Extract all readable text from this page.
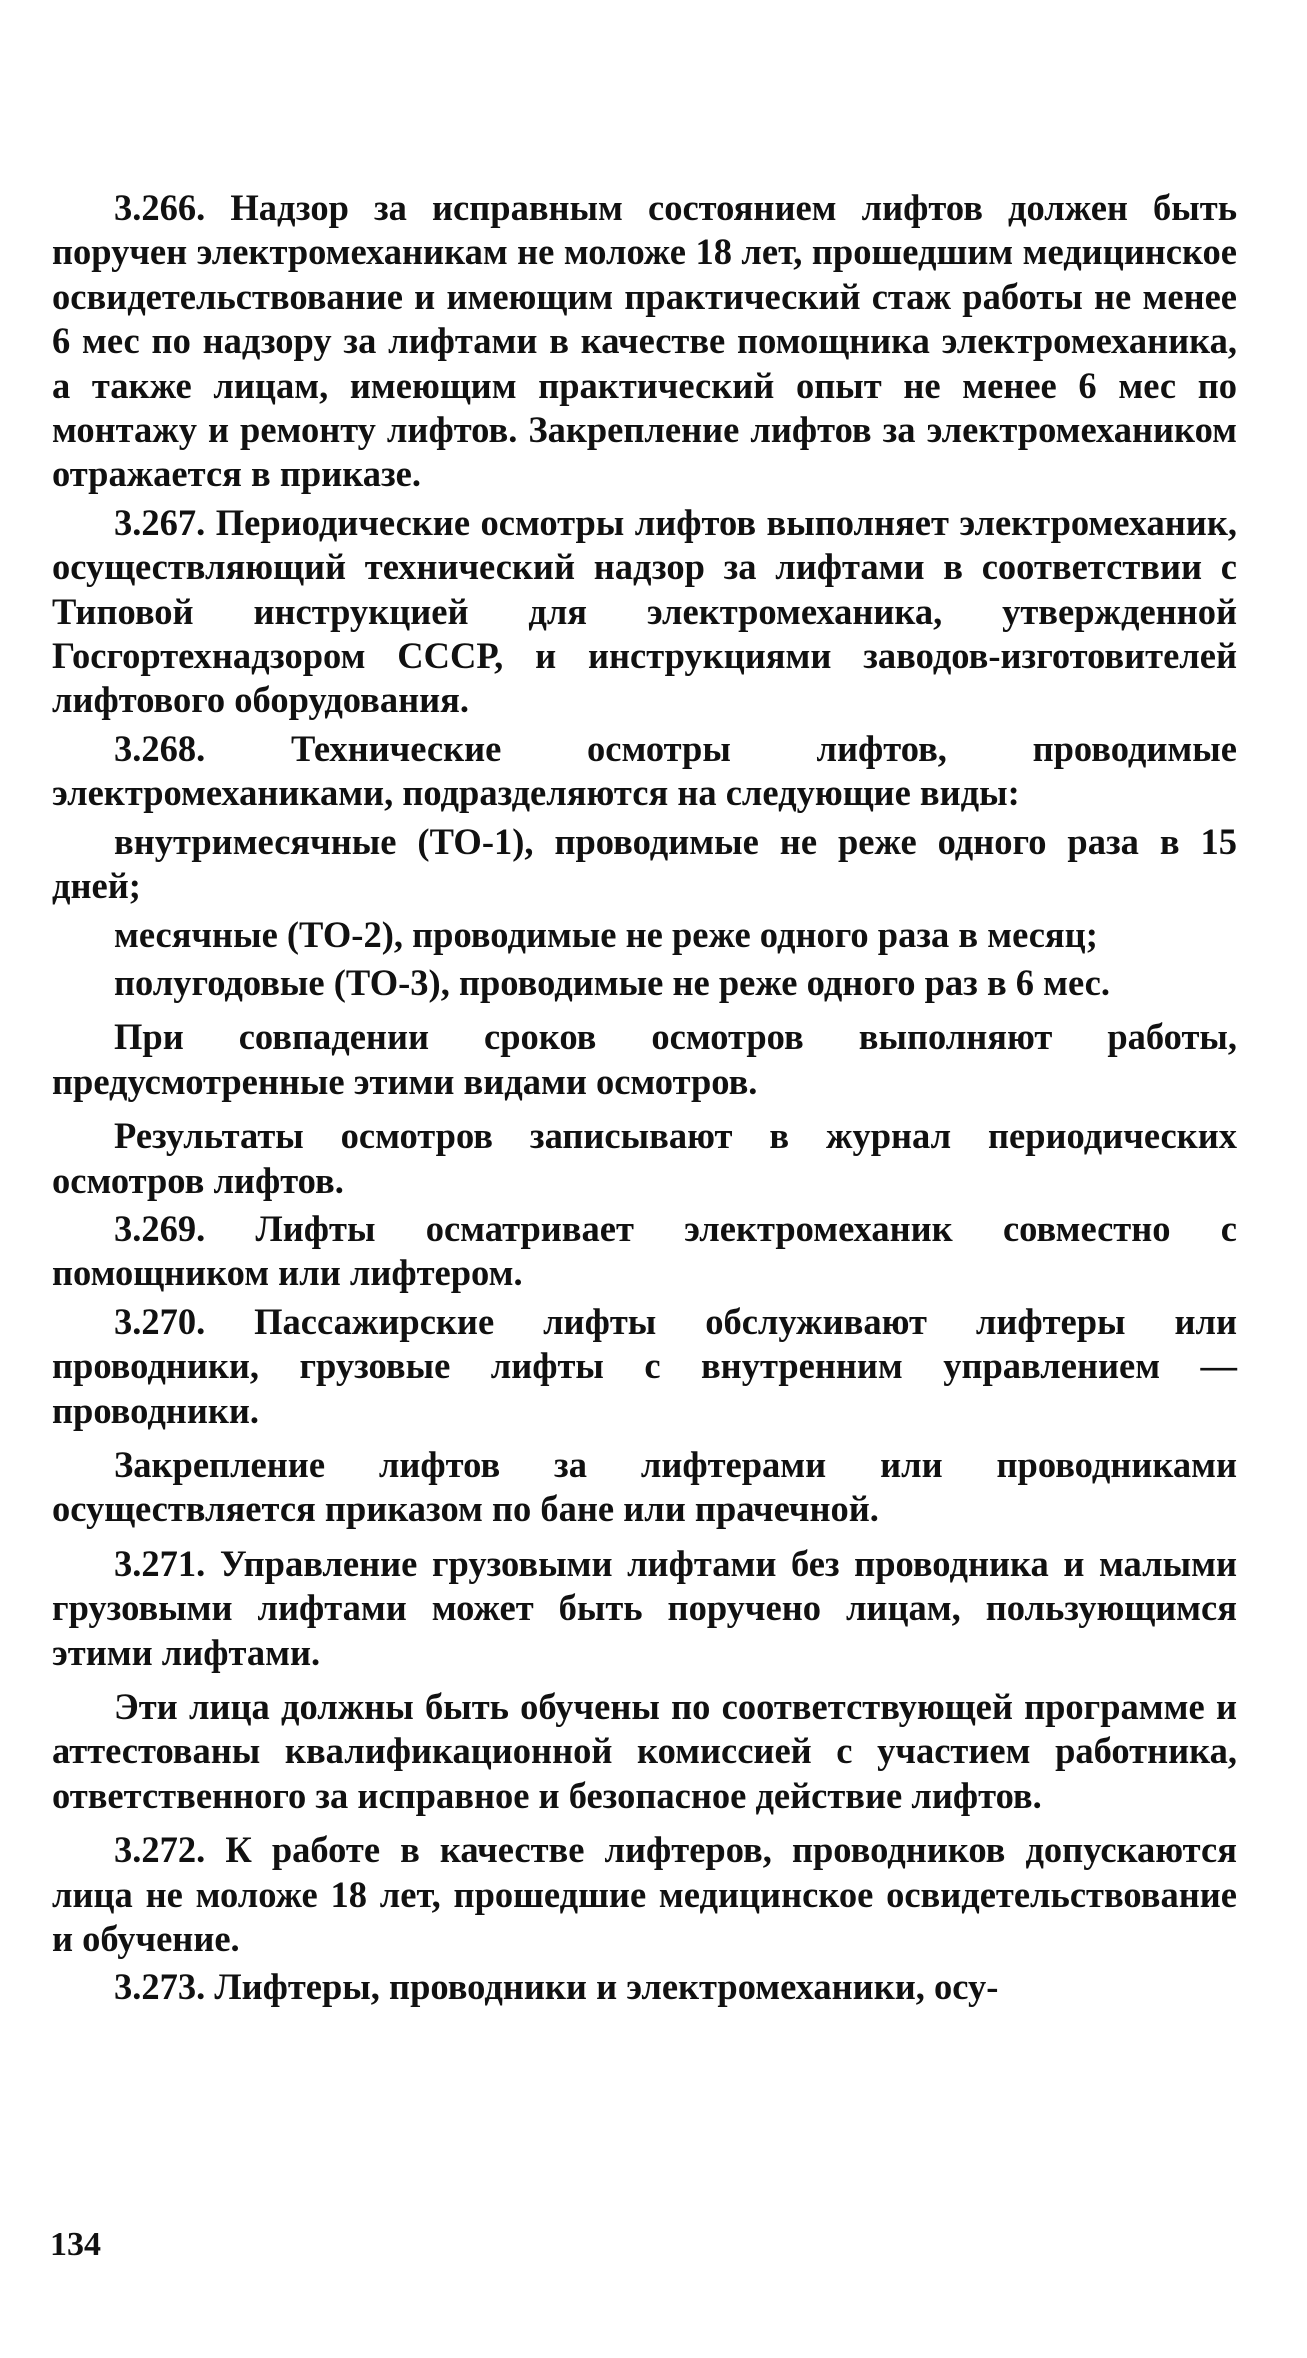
3.266. Надзор за исправным состоянием лифтов должен быть поручен электромеханикам не моложе 18 лет, прошедшим медицинское освидетельствование и имеющим практический стаж работы не менее 6 мес по надзору за лифтами в качестве помощника электромеханика, а также лицам, имеющим практический опыт не менее 6 мес по монтажу и ремонту лифтов. Закрепление лифтов за электромехаником отражается в приказе.

3.267. Периодические осмотры лифтов выполняет электромеханик, осуществляющий технический надзор за лифтами в соответствии с Типовой инструкцией для электромеханика, утвержденной Госгортехнадзором СССР, и инструкциями заводов-изготовителей лифтового оборудования.

3.268. Технические осмотры лифтов, проводимые электромеханиками, подразделяются на следующие виды:

внутримесячные (ТО-1), проводимые не реже одного раза в 15 дней;

месячные (ТО-2), проводимые не реже одного раза в месяц;

полугодовые (ТО-3), проводимые не реже одного раз в 6 мес.

При совпадении сроков осмотров выполняют работы, предусмотренные этими видами осмотров.

Результаты осмотров записывают в журнал периодических осмотров лифтов.

3.269. Лифты осматривает электромеханик совместно с помощником или лифтером.

3.270. Пассажирские лифты обслуживают лифтеры или проводники, грузовые лифты с внутренним управлением — проводники.

Закрепление лифтов за лифтерами или проводниками осуществляется приказом по бане или прачечной.

3.271. Управление грузовыми лифтами без проводника и малыми грузовыми лифтами может быть поручено лицам, пользующимся этими лифтами.

Эти лица должны быть обучены по соответствующей программе и аттестованы квалификационной комиссией с участием работника, ответственного за исправное и безопасное действие лифтов.

3.272. К работе в качестве лифтеров, проводников допускаются лица не моложе 18 лет, прошедшие медицинское освидетельствование и обучение.

3.273. Лифтеры, проводники и электромеханики, осу-

134
